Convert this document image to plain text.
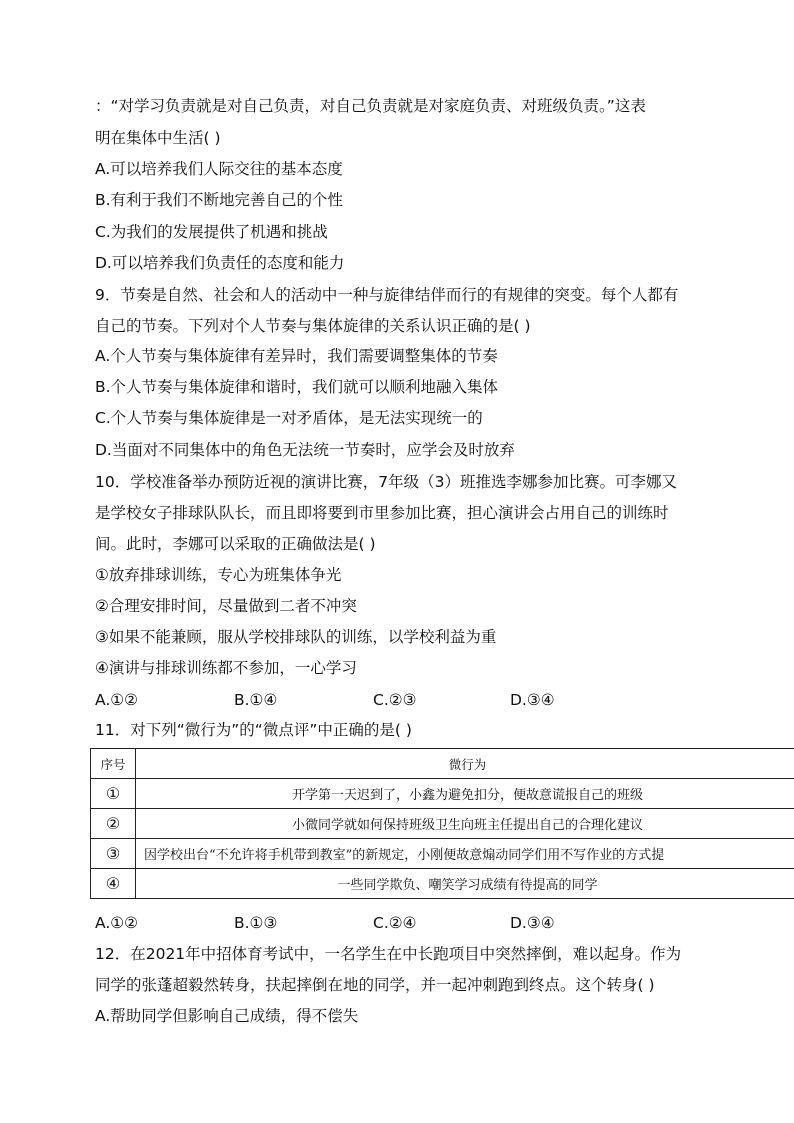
：“对学习负责就是对自己负责，对自己负责就是对家庭负责、对班级负责。”这表
明在集体中生活( )
A.可以培养我们人际交往的基本态度
B.有利于我们不断地完善自己的个性
C.为我们的发展提供了机遇和挑战
D.可以培养我们负责任的态度和能力
9．节奏是自然、社会和人的活动中一种与旋律结伴而行的有规律的突变。每个人都有
自己的节奏。下列对个人节奏与集体旋律的关系认识正确的是( )
A.个人节奏与集体旋律有差异时，我们需要调整集体的节奏
B.个人节奏与集体旋律和谐时，我们就可以顺利地融入集体
C.个人节奏与集体旋律是一对矛盾体，是无法实现统一的
D.当面对不同集体中的角色无法统一节奏时，应学会及时放弃
10．学校准备举办预防近视的演讲比赛，7年级（3）班推选李娜参加比赛。可李娜又
是学校女子排球队队长，而且即将要到市里参加比赛，担心演讲会占用自己的训练时
间。此时，李娜可以采取的正确做法是( )
①放弃排球训练，专心为班集体争光
②合理安排时间，尽量做到二者不冲突
③如果不能兼顾，服从学校排球队的训练，以学校利益为重
④演讲与排球训练都不参加，一心学习
A.①②	B.①④	C.②③	D.③④
11．对下列“微行为”的“微点评”中正确的是( )
序号	微行为
①	开学第一天迟到了，小鑫为避免扣分，便故意谎报自己的班级
②	小微同学就如何保持班级卫生向班主任提出自己的合理化建议
③	因学校出台“不允许将手机带到教室”的新规定，小刚便故意煽动同学们用不写作业的方式提
④	一些同学欺负、嘲笑学习成绩有待提高的同学
A.①②	B.①③	C.②④	D.③④
12．在2021年中招体育考试中，一名学生在中长跑项目中突然摔倒，难以起身。作为
同学的张蓬超毅然转身，扶起摔倒在地的同学，并一起冲刺跑到终点。这个转身( )
A.帮助同学但影响自己成绩，得不偿失
